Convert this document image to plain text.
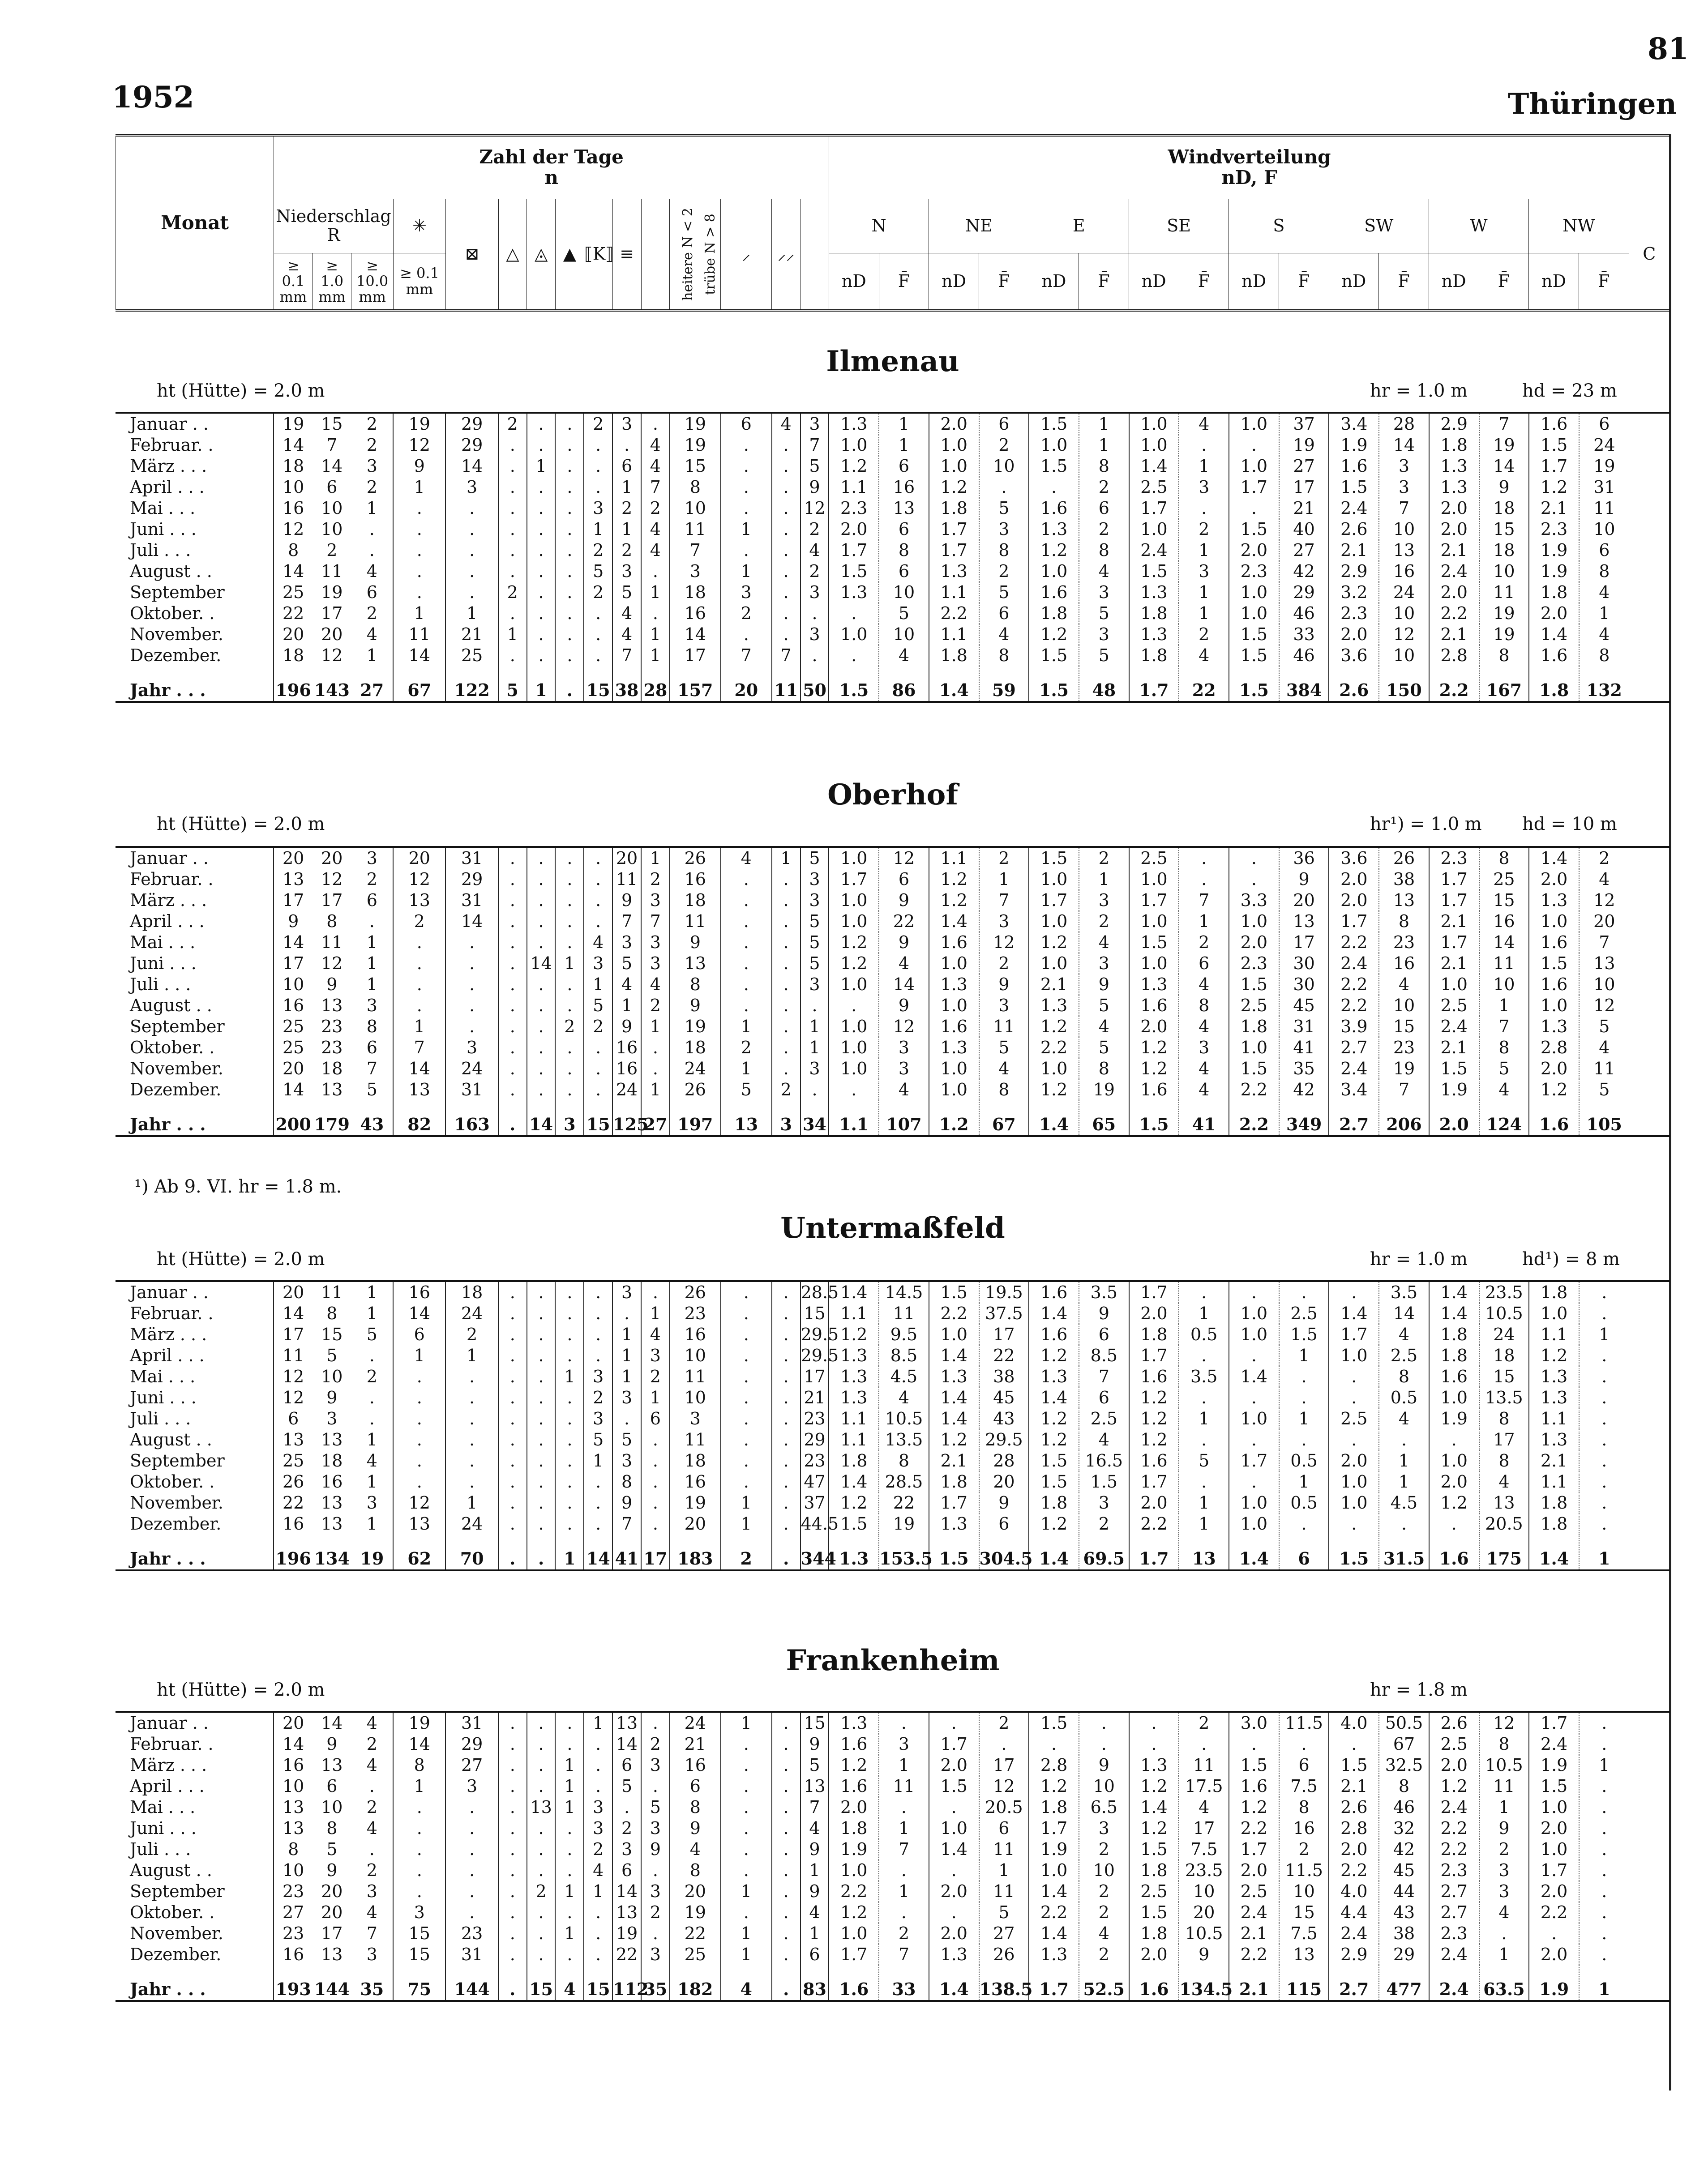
81
1952	Thüringen
Monat	Zahl der Tage
n															Windverteilung
nD, F																
	Niederschlag
R			✳	⊠	△	◬	▲	⟦K⟧	≡	heitere N < 2	trübe N > 8	⸝	⸝⸝		N		NE		E		SE		S		SW		W		NW		C
	≥ 0.1 mm	≥ 1.0 mm	≥ 10.0 mm	≥ 0.1 mm												nD	F̄	nD	F̄	nD	F̄	nD	F̄	nD	F̄	nD	F̄	nD	F̄	nD	F̄	
Ilmenau
ht (Hütte) = 2.0 m	hr = 1.0 m	hd = 23 m
Januar . .	19	15	2	19	29	2	.	.	2	3	.	19	6	4	3	1.3	1	2.0	6	1.5	1	1.0	4	1.0	37	3.4	28	2.9	7	1.6	6
Februar. .	14	7	2	12	29	.	.	.	.	.	4	19	.	.	7	1.0	1	1.0	2	1.0	1	1.0	.	.	19	1.9	14	1.8	19	1.5	24
März . . .	18	14	3	9	14	.	1	.	.	6	4	15	.	.	5	1.2	6	1.0	10	1.5	8	1.4	1	1.0	27	1.6	3	1.3	14	1.7	19
April . . .	10	6	2	1	3	.	.	.	.	1	7	8	.	.	9	1.1	16	1.2	.	.	2	2.5	3	1.7	17	1.5	3	1.3	9	1.2	31
Mai . . .	16	10	1	.	.	.	.	.	3	2	2	10	.	.	12	2.3	13	1.8	5	1.6	6	1.7	.	.	21	2.4	7	2.0	18	2.1	11
Juni . . .	12	10	.	.	.	.	.	.	1	1	4	11	1	.	2	2.0	6	1.7	3	1.3	2	1.0	2	1.5	40	2.6	10	2.0	15	2.3	10
Juli . . .	8	2	.	.	.	.	.	.	2	2	4	7	.	.	4	1.7	8	1.7	8	1.2	8	2.4	1	2.0	27	2.1	13	2.1	18	1.9	6
August . .	14	11	4	.	.	.	.	.	5	3	.	3	1	.	2	1.5	6	1.3	2	1.0	4	1.5	3	2.3	42	2.9	16	2.4	10	1.9	8
September	25	19	6	.	.	2	.	.	2	5	1	18	3	.	3	1.3	10	1.1	5	1.6	3	1.3	1	1.0	29	3.2	24	2.0	11	1.8	4
Oktober. .	22	17	2	1	1	.	.	.	.	4	.	16	2	.	.	.	5	2.2	6	1.8	5	1.8	1	1.0	46	2.3	10	2.2	19	2.0	1
November.	20	20	4	11	21	1	.	.	.	4	1	14	.	.	3	1.0	10	1.1	4	1.2	3	1.3	2	1.5	33	2.0	12	2.1	19	1.4	4
Dezember.	18	12	1	14	25	.	.	.	.	7	1	17	7	7	.	.	4	1.8	8	1.5	5	1.8	4	1.5	46	3.6	10	2.8	8	1.6	8
Jahr . . .	196	143	27	67	122	5	1	.	15	38	28	157	20	11	50	1.5	86	1.4	59	1.5	48	1.7	22	1.5	384	2.6	150	2.2	167	1.8	132
Oberhof
ht (Hütte) = 2.0 m	hr¹) = 1.0 m hd = 10 m
Januar . .	20	20	3	20	31	.	.	.	.	20	1	26	4	1	5	1.0	12	1.1	2	1.5	2	2.5	.	.	36	3.6	26	2.3	8	1.4	2
Februar. .	13	12	2	12	29	.	.	.	.	11	2	16	.	.	3	1.7	6	1.2	1	1.0	1	1.0	.	.	9	2.0	38	1.7	25	2.0	4
März . . .	17	17	6	13	31	.	.	.	.	9	3	18	.	.	3	1.0	9	1.2	7	1.7	3	1.7	7	3.3	20	2.0	13	1.7	15	1.3	12
April . . .	9	8	.	2	14	.	.	.	.	7	7	11	.	.	5	1.0	22	1.4	3	1.0	2	1.0	1	1.0	13	1.7	8	2.1	16	1.0	20
Mai . . .	14	11	1	.	.	.	.	.	4	3	3	9	.	.	5	1.2	9	1.6	12	1.2	4	1.5	2	2.0	17	2.2	23	1.7	14	1.6	7
Juni . . .	17	12	1	.	.	.	14	1	3	5	3	13	.	.	5	1.2	4	1.0	2	1.0	3	1.0	6	2.3	30	2.4	16	2.1	11	1.5	13
Juli . . .	10	9	1	.	.	.	.	.	1	4	4	8	.	.	3	1.0	14	1.3	9	2.1	9	1.3	4	1.5	30	2.2	4	1.0	10	1.6	10
August . .	16	13	3	.	.	.	.	.	5	1	2	9	.	.	.	.	9	1.0	3	1.3	5	1.6	8	2.5	45	2.2	10	2.5	1	1.0	12
September	25	23	8	1	.	.	.	2	2	9	1	19	1	.	1	1.0	12	1.6	11	1.2	4	2.0	4	1.8	31	3.9	15	2.4	7	1.3	5
Oktober. .	25	23	6	7	3	.	.	.	.	16	.	18	2	.	1	1.0	3	1.3	5	2.2	5	1.2	3	1.0	41	2.7	23	2.1	8	2.8	4
November.	20	18	7	14	24	.	.	.	.	16	.	24	1	.	3	1.0	3	1.0	4	1.0	8	1.2	4	1.5	35	2.4	19	1.5	5	2.0	11
Dezember.	14	13	5	13	31	.	.	.	.	24	1	26	5	2	.	.	4	1.0	8	1.2	19	1.6	4	2.2	42	3.4	7	1.9	4	1.2	5
Jahr . . .	200	179	43	82	163	.	14	3	15	125	27	197	13	3	34	1.1	107	1.2	67	1.4	65	1.5	41	2.2	349	2.7	206	2.0	124	1.6	105
¹) Ab 9. VI. hr = 1.8 m.
Untermaßfeld
ht (Hütte) = 2.0 m	hr = 1.0 m	hd¹) = 8 m
Januar . .	20	11	1	16	18	.	.	.	.	3	.	26	.	.	28.5	1.4	14.5	1.5	19.5	1.6	3.5	1.7	.	.	.	.	3.5	1.4	23.5	1.8	.
Februar. .	14	8	1	14	24	.	.	.	.	.	1	23	.	.	15	1.1	11	2.2	37.5	1.4	9	2.0	1	1.0	2.5	1.4	14	1.4	10.5	1.0	.
März . . .	17	15	5	6	2	.	.	.	.	1	4	16	.	.	29.5	1.2	9.5	1.0	17	1.6	6	1.8	0.5	1.0	1.5	1.7	4	1.8	24	1.1	1
April . . .	11	5	.	1	1	.	.	.	.	1	3	10	.	.	29.5	1.3	8.5	1.4	22	1.2	8.5	1.7	.	.	1	1.0	2.5	1.8	18	1.2	.
Mai . . .	12	10	2	.	.	.	.	1	3	1	2	11	.	.	17	1.3	4.5	1.3	38	1.3	7	1.6	3.5	1.4	.	.	8	1.6	15	1.3	.
Juni . . .	12	9	.	.	.	.	.	.	2	3	1	10	.	.	21	1.3	4	1.4	45	1.4	6	1.2	.	.	.	.	0.5	1.0	13.5	1.3	.
Juli . . .	6	3	.	.	.	.	.	.	3	.	6	3	.	.	23	1.1	10.5	1.4	43	1.2	2.5	1.2	1	1.0	1	2.5	4	1.9	8	1.1	.
August . .	13	13	1	.	.	.	.	.	5	5	.	11	.	.	29	1.1	13.5	1.2	29.5	1.2	4	1.2	.	.	.	.	.	.	17	1.3	.
September	25	18	4	.	.	.	.	.	1	3	.	18	.	.	23	1.8	8	2.1	28	1.5	16.5	1.6	5	1.7	0.5	2.0	1	1.0	8	2.1	.
Oktober. .	26	16	1	.	.	.	.	.	.	8	.	16	.	.	47	1.4	28.5	1.8	20	1.5	1.5	1.7	.	.	1	1.0	1	2.0	4	1.1	.
November.	22	13	3	12	1	.	.	.	.	9	.	19	1	.	37	1.2	22	1.7	9	1.8	3	2.0	1	1.0	0.5	1.0	4.5	1.2	13	1.8	.
Dezember.	16	13	1	13	24	.	.	.	.	7	.	20	1	.	44.5	1.5	19	1.3	6	1.2	2	2.2	1	1.0	.	.	.	.	20.5	1.8	.
Jahr . . .	196	134	19	62	70	.	.	1	14	41	17	183	2	.	344	1.3	153.5	1.5	304.5	1.4	69.5	1.7	13	1.4	6	1.5	31.5	1.6	175	1.4	1
Frankenheim
ht (Hütte) = 2.0 m	hr = 1.8 m
Januar . .	20	14	4	19	31	.	.	.	1	13	.	24	1	.	15	1.3	.	.	2	1.5	.	.	2	3.0	11.5	4.0	50.5	2.6	12	1.7	.
Februar. .	14	9	2	14	29	.	.	.	.	14	2	21	.	.	9	1.6	3	1.7	.	.	.	.	.	.	.	.	67	2.5	8	2.4	.
März . . .	16	13	4	8	27	.	.	1	.	6	3	16	.	.	5	1.2	1	2.0	17	2.8	9	1.3	11	1.5	6	1.5	32.5	2.0	10.5	1.9	1
April . . .	10	6	.	1	3	.	.	1	.	5	.	6	.	.	13	1.6	11	1.5	12	1.2	10	1.2	17.5	1.6	7.5	2.1	8	1.2	11	1.5	.
Mai . . .	13	10	2	.	.	.	13	1	3	.	5	8	.	.	7	2.0	.	.	20.5	1.8	6.5	1.4	4	1.2	8	2.6	46	2.4	1	1.0	.
Juni . . .	13	8	4	.	.	.	.	.	3	2	3	9	.	.	4	1.8	1	1.0	6	1.7	3	1.2	17	2.2	16	2.8	32	2.2	9	2.0	.
Juli . . .	8	5	.	.	.	.	.	.	2	3	9	4	.	.	9	1.9	7	1.4	11	1.9	2	1.5	7.5	1.7	2	2.0	42	2.2	2	1.0	.
August . .	10	9	2	.	.	.	.	.	4	6	.	8	.	.	1	1.0	.	.	1	1.0	10	1.8	23.5	2.0	11.5	2.2	45	2.3	3	1.7	.
September	23	20	3	.	.	.	2	1	1	14	3	20	1	.	9	2.2	1	2.0	11	1.4	2	2.5	10	2.5	10	4.0	44	2.7	3	2.0	.
Oktober. .	27	20	4	3	.	.	.	.	.	13	2	19	.	.	4	1.2	.	.	5	2.2	2	1.5	20	2.4	15	4.4	43	2.7	4	2.2	.
November.	23	17	7	15	23	.	.	1	.	19	.	22	1	.	1	1.0	2	2.0	27	1.4	4	1.8	10.5	2.1	7.5	2.4	38	2.3	.	.	.
Dezember.	16	13	3	15	31	.	.	.	.	22	3	25	1	.	6	1.7	7	1.3	26	1.3	2	2.0	9	2.2	13	2.9	29	2.4	1	2.0	.
Jahr . . .	193	144	35	75	144	.	15	4	15	112	35	182	4	.	83	1.6	33	1.4	138.5	1.7	52.5	1.6	134.5	2.1	115	2.7	477	2.4	63.5	1.9	1
